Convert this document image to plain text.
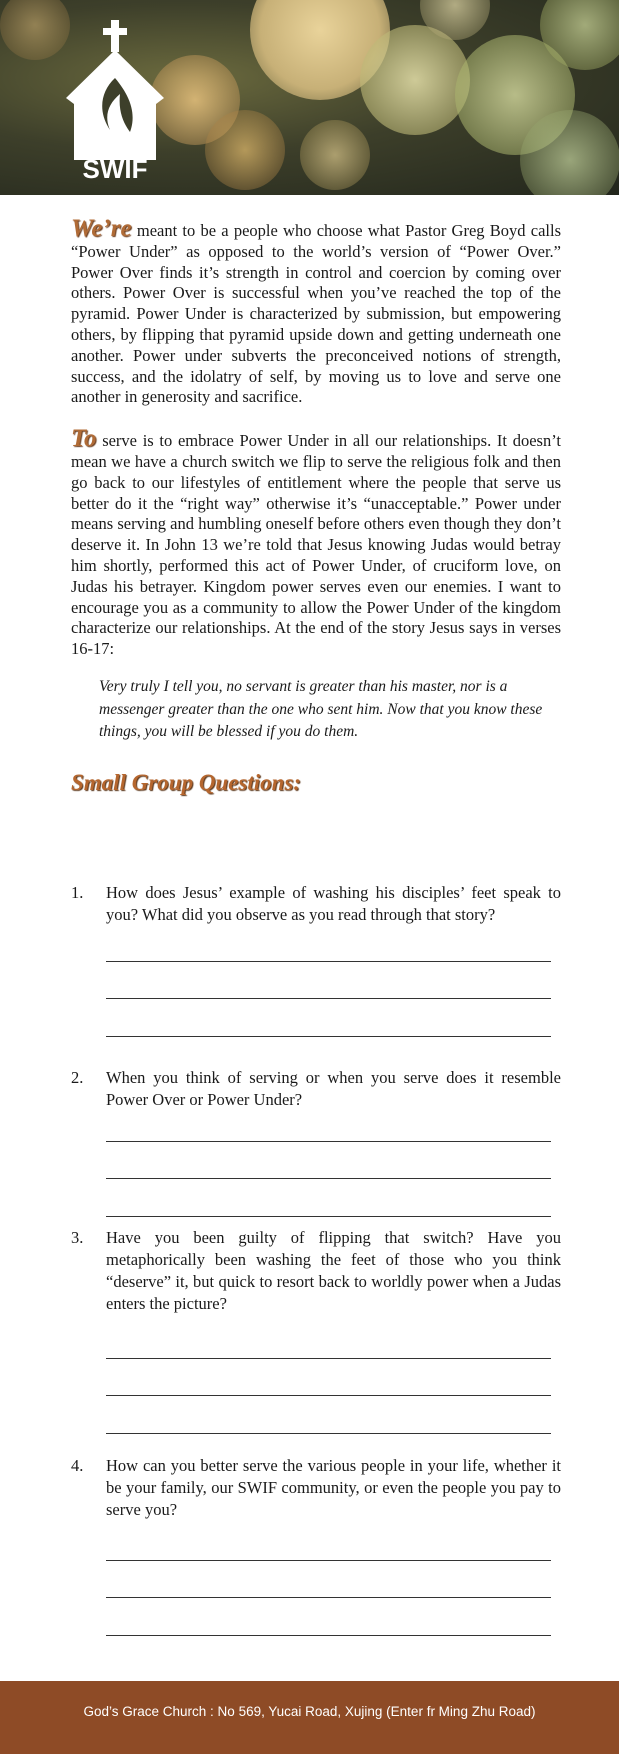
SWIF

We’re meant to be a people who choose what Pastor Greg Boyd calls “Power Under” as opposed to the world’s version of “Power Over.” Power Over finds it’s strength in control and coercion by coming over others. Power Over is successful when you’ve reached the top of the pyramid. Power Under is characterized by submission, but empowering others, by flipping that pyramid upside down and getting underneath one another. Power under subverts the preconceived notions of strength, success, and the idolatry of self, by moving us to love and serve one another in generosity and sacrifice.

To serve is to embrace Power Under in all our relationships. It doesn’t mean we have a church switch we flip to serve the religious folk and then go back to our lifestyles of entitlement where the people that serve us better do it the “right way” otherwise it’s “unacceptable.” Power under means serving and humbling oneself before others even though they don’t deserve it. In John 13 we’re told that Jesus knowing Judas would betray him shortly, performed this act of Power Under, of cruciform love, on Judas his betrayer. Kingdom power serves even our enemies. I want to encourage you as a community to allow the Power Under of the kingdom characterize our relationships. At the end of the story Jesus says in verses 16-17:

Very truly I tell you, no servant is greater than his master, nor is a messenger greater than the one who sent him. Now that you know these things, you will be blessed if you do them.

Small Group Questions:

1. How does Jesus’ example of washing his disciples’ feet speak to you? What did you observe as you read through that story?
2. When you think of serving or when you serve does it resemble Power Over or Power Under?
3. Have you been guilty of flipping that switch? Have you metaphorically been washing the feet of those who you think “deserve” it, but quick to resort back to worldly power when a Judas enters the picture?
4. How can you better serve the various people in your life, whether it be your family, our SWIF community, or even the people you pay to serve you?
God’s Grace Church : No 569, Yucai Road, Xujing (Enter fr Ming Zhu Road)
